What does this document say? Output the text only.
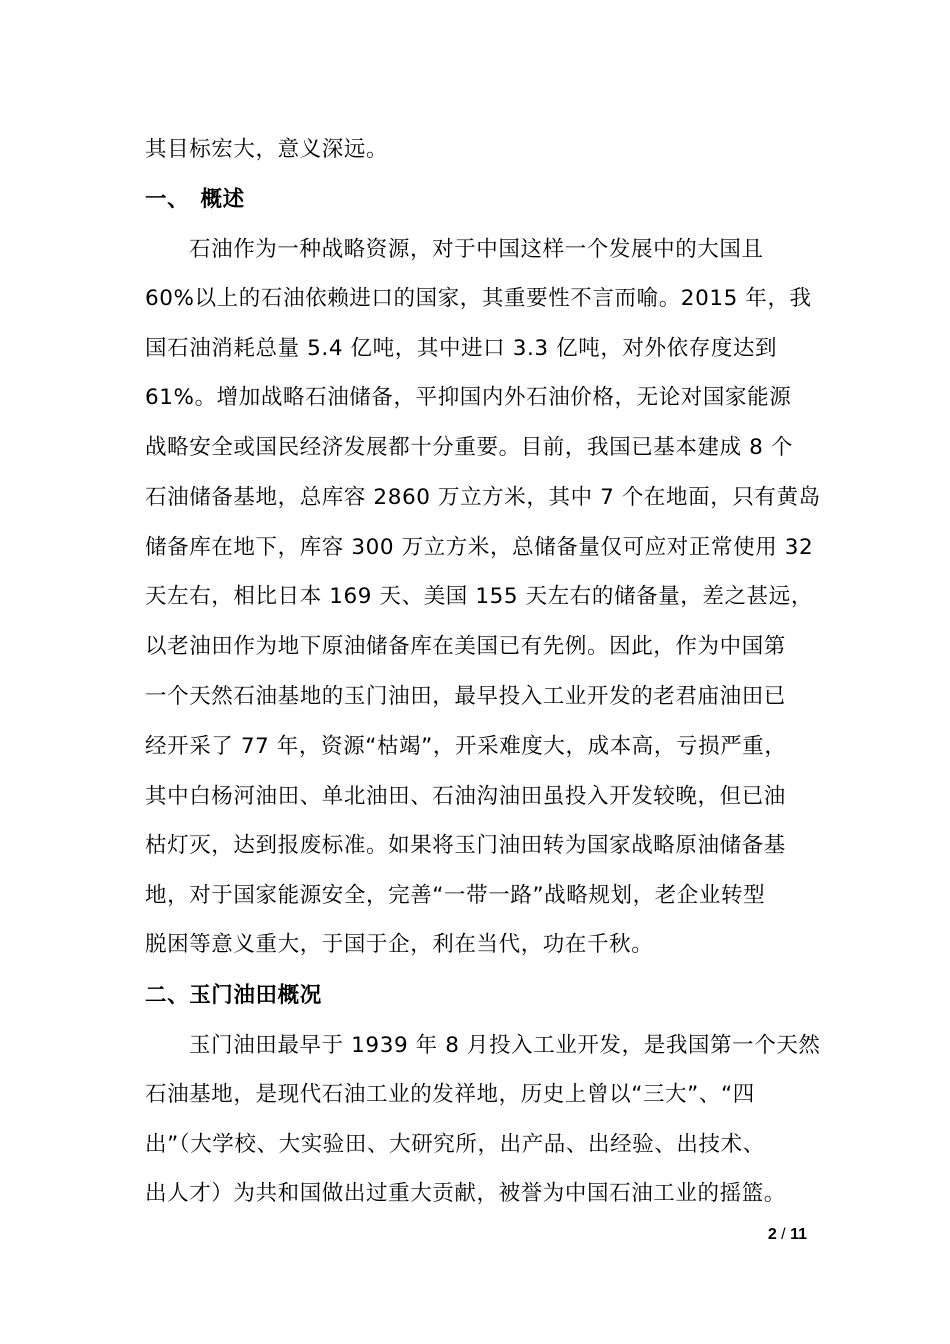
其目标宏大，意义深远。
一、　概述
石油作为一种战略资源，对于中国这样一个发展中的大国且
60%以上的石油依赖进口的国家，其重要性不言而喻。2015 年，我
国石油消耗总量 5.4 亿吨，其中进口 3.3 亿吨，对外依存度达到
61%。增加战略石油储备，平抑国内外石油价格，无论对国家能源
战略安全或国民经济发展都十分重要。目前，我国已基本建成 8 个
石油储备基地，总库容 2860 万立方米，其中 7 个在地面，只有黄岛
储备库在地下，库容 300 万立方米，总储备量仅可应对正常使用 32
天左右，相比日本 169 天、美国 155 天左右的储备量，差之甚远，
以老油田作为地下原油储备库在美国已有先例。因此，作为中国第
一个天然石油基地的玉门油田，最早投入工业开发的老君庙油田已
经开采了 77 年，资源“枯竭”，开采难度大，成本高，亏损严重，
其中白杨河油田、单北油田、石油沟油田虽投入开发较晚，但已油
枯灯灭，达到报废标准。如果将玉门油田转为国家战略原油储备基
地，对于国家能源安全，完善“一带一路”战略规划，老企业转型
脱困等意义重大，于国于企，利在当代，功在千秋。
二、玉门油田概况
玉门油田最早于 1939 年 8 月投入工业开发，是我国第一个天然
石油基地，是现代石油工业的发祥地，历史上曾以“三大”、“四
出”（大学校、大实验田、大研究所，出产品、出经验、出技术、
出人才）为共和国做出过重大贡献，被誉为中国石油工业的摇篮。
2 / 11
